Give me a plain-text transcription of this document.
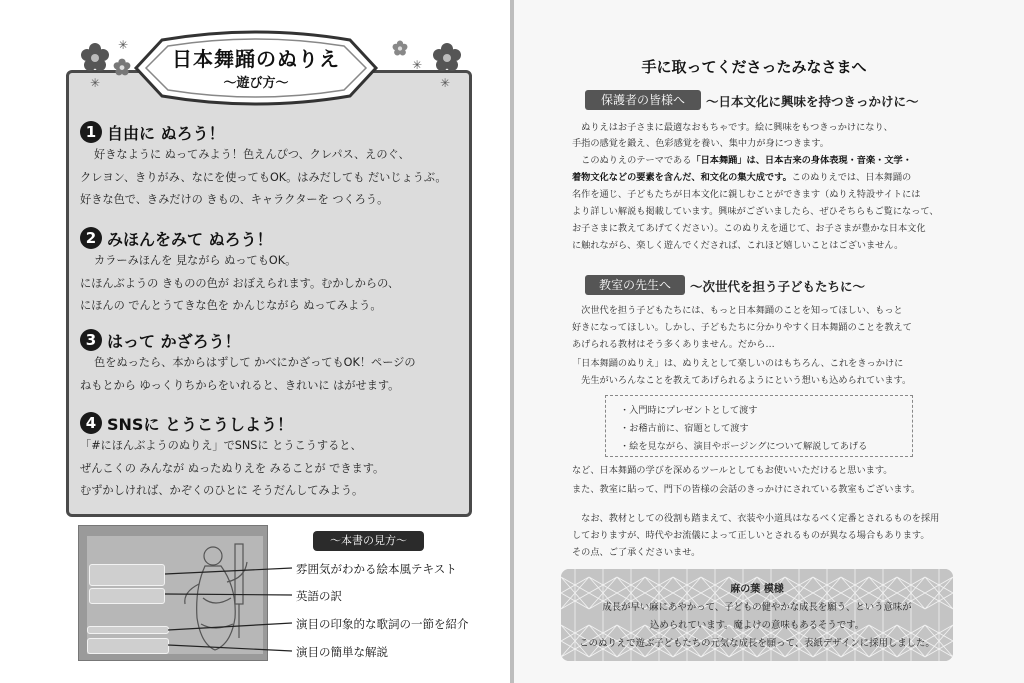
✳
✳
✳	✳
日本舞踊のぬりえ
〜遊び方〜
1 自由に ぬろう！
好きなように ぬってみよう！色えんぴつ、クレパス、えのぐ、
クレヨン、きりがみ、なにを使ってもOK。はみだしても だいじょうぶ。
好きな色で、きみだけの きもの、キャラクターを つくろう。
2 みほんをみて ぬろう！
カラーみほんを 見ながら ぬってもOK。
にほんぶようの きものの色が おぼえられます。むかしからの、
にほんの でんとうてきな色を かんじながら ぬってみよう。
3 はって かざろう！
色をぬったら、本からはずして かべにかざってもOK！ページの
ねもとから ゆっくりちからをいれると、きれいに はがせます。
4 SNSに とうこうしよう！
「#にほんぶようのぬりえ」でSNSに とうこうすると、
ぜんこくの みんなが ぬったぬりえを みることが できます。
むずかしければ、かぞくのひとに そうだんしてみよう。
〜本書の見方〜
雰囲気がわかる絵本風テキスト
英語の訳
演目の印象的な歌詞の一節を紹介
演目の簡単な解説
手に取ってくださったみなさまへ
保護者の皆様へ	〜日本文化に興味を持つきっかけに〜
　ぬりえはお子さまに最適なおもちゃです。絵に興味をもつきっかけになり、
手指の感覚を鍛え、色彩感覚を養い、集中力が身につきます。
　このぬりえのテーマである「日本舞踊」は、日本古来の身体表現・音楽・文学・
着物文化などの要素を含んだ、和文化の集大成です。このぬりえでは、日本舞踊の
名作を通じ、子どもたちが日本文化に親しむことができます（ぬりえ特設サイトには
より詳しい解説も掲載しています。興味がございましたら、ぜひそちらもご覧になって、
お子さまに教えてあげてください）。このぬりえを通じて、お子さまが豊かな日本文化
に触れながら、楽しく遊んでくだされば、これほど嬉しいことはございません。
教室の先生へ	〜次世代を担う子どもたちに〜
　次世代を担う子どもたちには、もっと日本舞踊のことを知ってほしい、もっと
好きになってほしい。しかし、子どもたちに分かりやすく日本舞踊のことを教えて
あげられる教材はそう多くありません。だから…
「日本舞踊のぬりえ」は、ぬりえとして楽しいのはもちろん、これをきっかけに
　先生がいろんなことを教えてあげられるようにという想いも込められています。
・入門時にプレゼントとして渡す
・お稽古前に、宿題として渡す
・絵を見ながら、演目やポージングについて解説してあげる
など、日本舞踊の学びを深めるツールとしてもお使いいただけると思います。
また、教室に貼って、門下の皆様の会話のきっかけにされている教室もございます。
　なお、教材としての役割も踏まえて、衣装や小道具はなるべく定番とされるものを採用
しておりますが、時代やお流儀によって正しいとされるものが異なる場合もあります。
その点、ご了承くださいませ。
麻の葉 模様
成長が早い麻にあやかって、子どもの健やかな成長を願う、という意味が
込められています。魔よけの意味もあるそうです。
このぬりえで遊ぶ子どもたちの元気な成長を願って、表紙デザインに採用しました。
